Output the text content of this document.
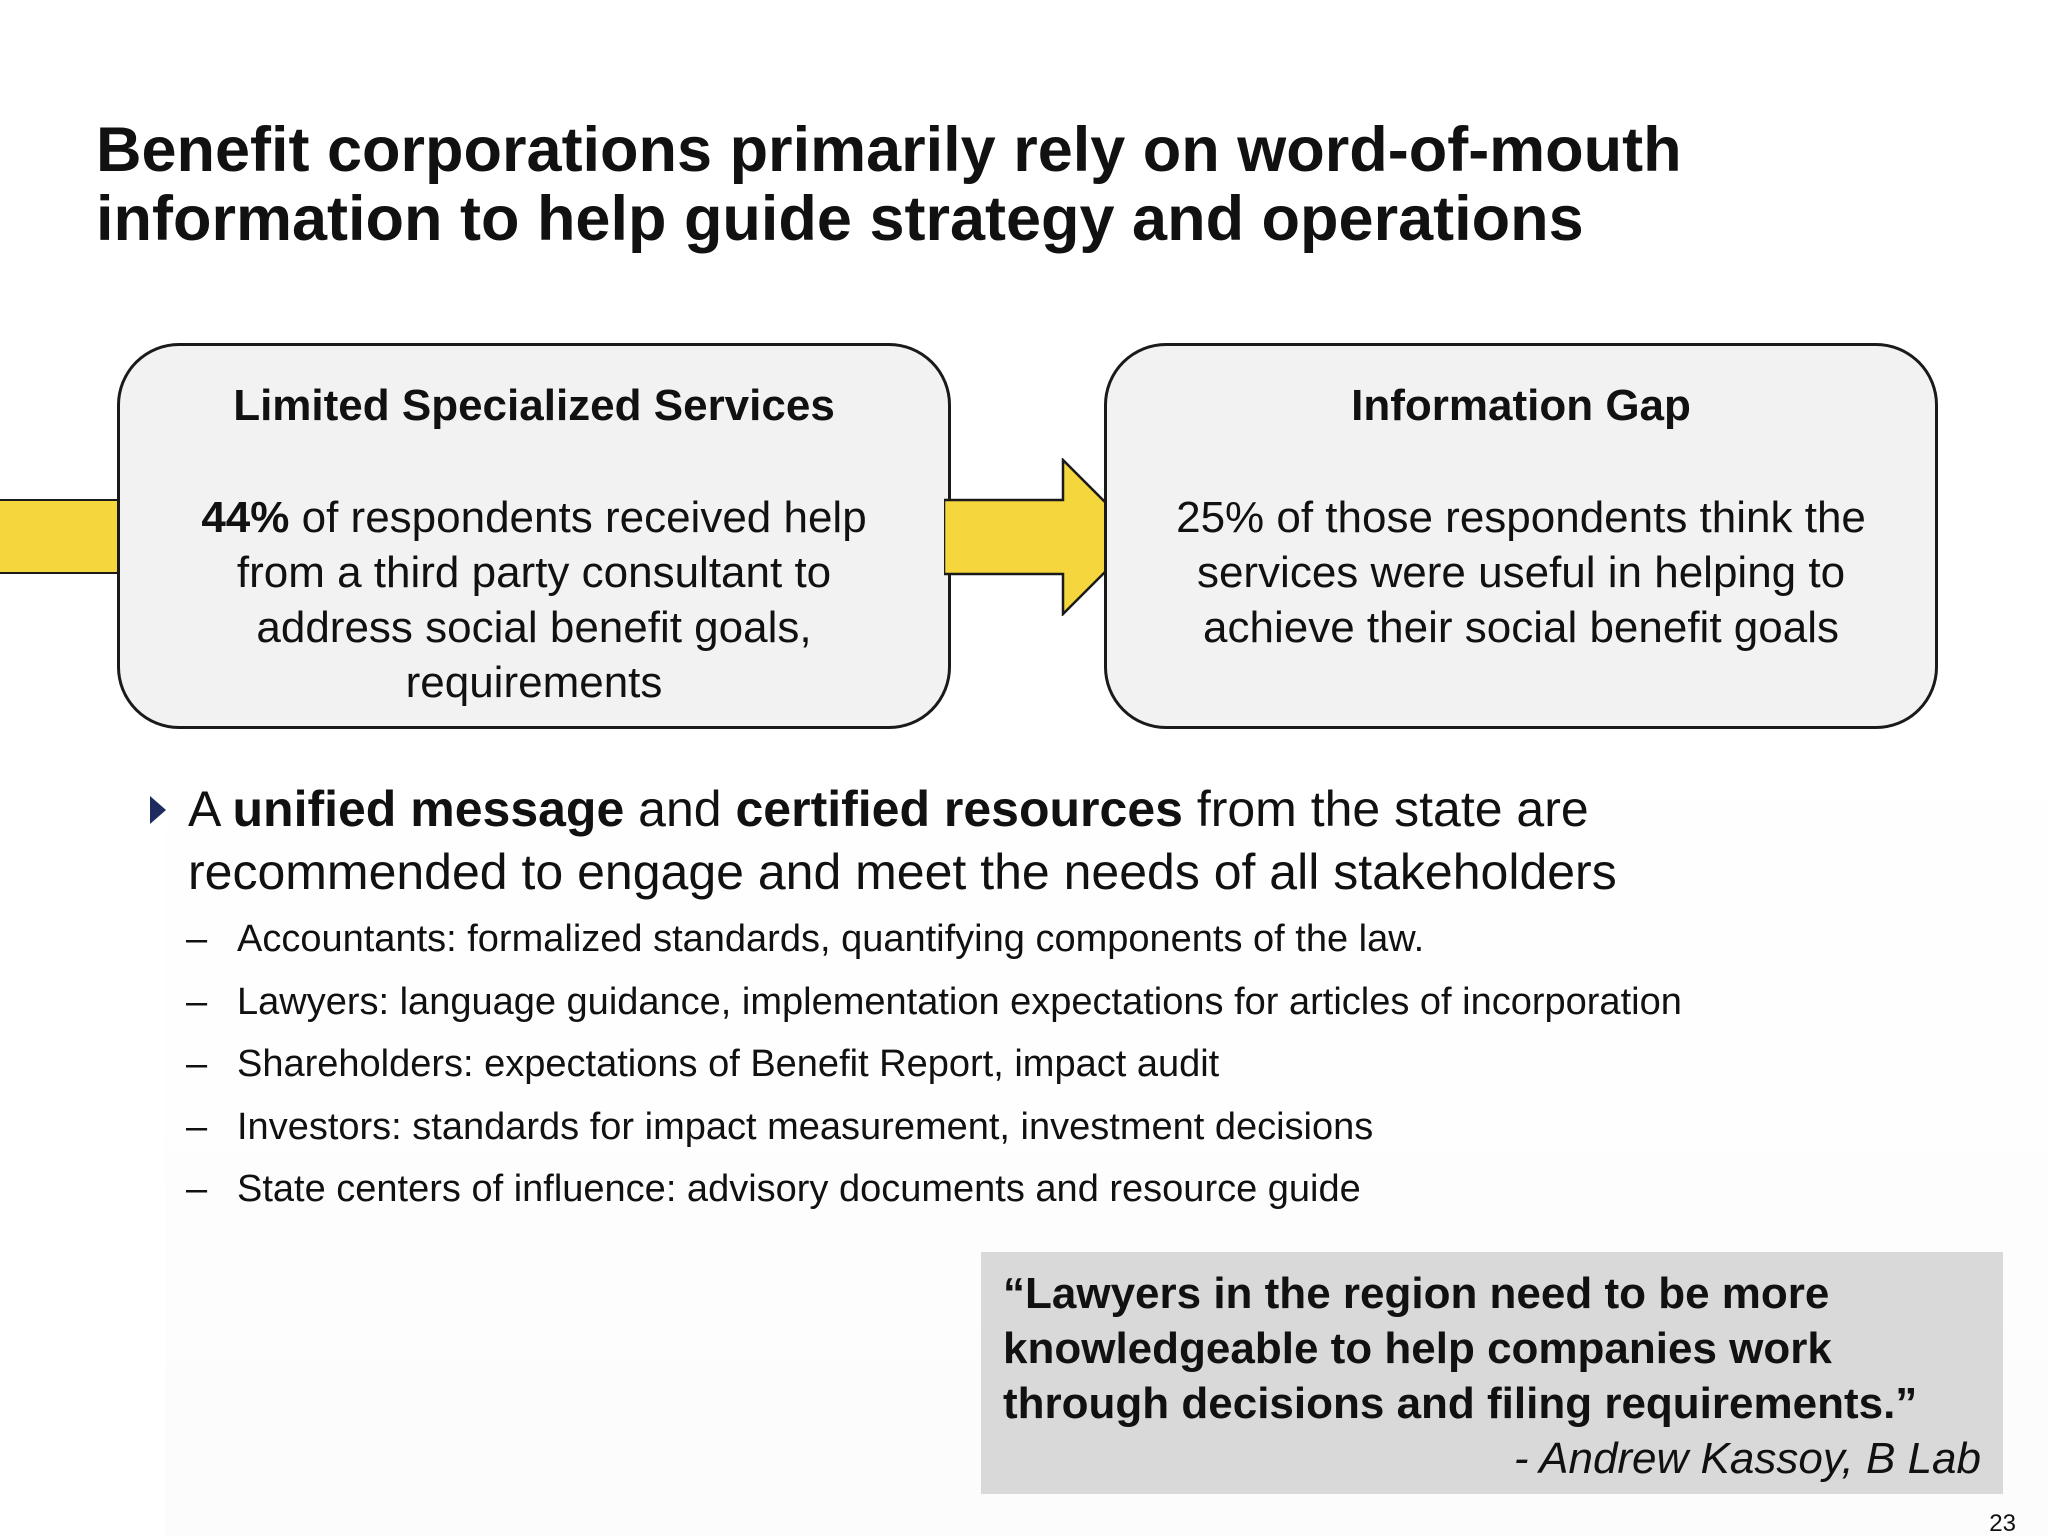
Benefit corporations primarily rely on word-of-mouth
information to help guide strategy and operations
Limited Specialized Services
44% of respondents received help from a third party consultant to address social benefit goals, requirements
Information Gap
25% of those respondents think the services were useful in helping to achieve their social benefit goals
A unified message and certified resources from the state are recommended to engage and meet the needs of all stakeholders
– Accountants: formalized standards, quantifying components of the law.
– Lawyers: language guidance, implementation expectations for articles of incorporation
– Shareholders: expectations of Benefit Report, impact audit
– Investors: standards for impact measurement, investment decisions
– State centers of influence: advisory documents and resource guide
“Lawyers in the region need to be more knowledgeable to help companies work through decisions and filing requirements.”
- Andrew Kassoy, B Lab
23
